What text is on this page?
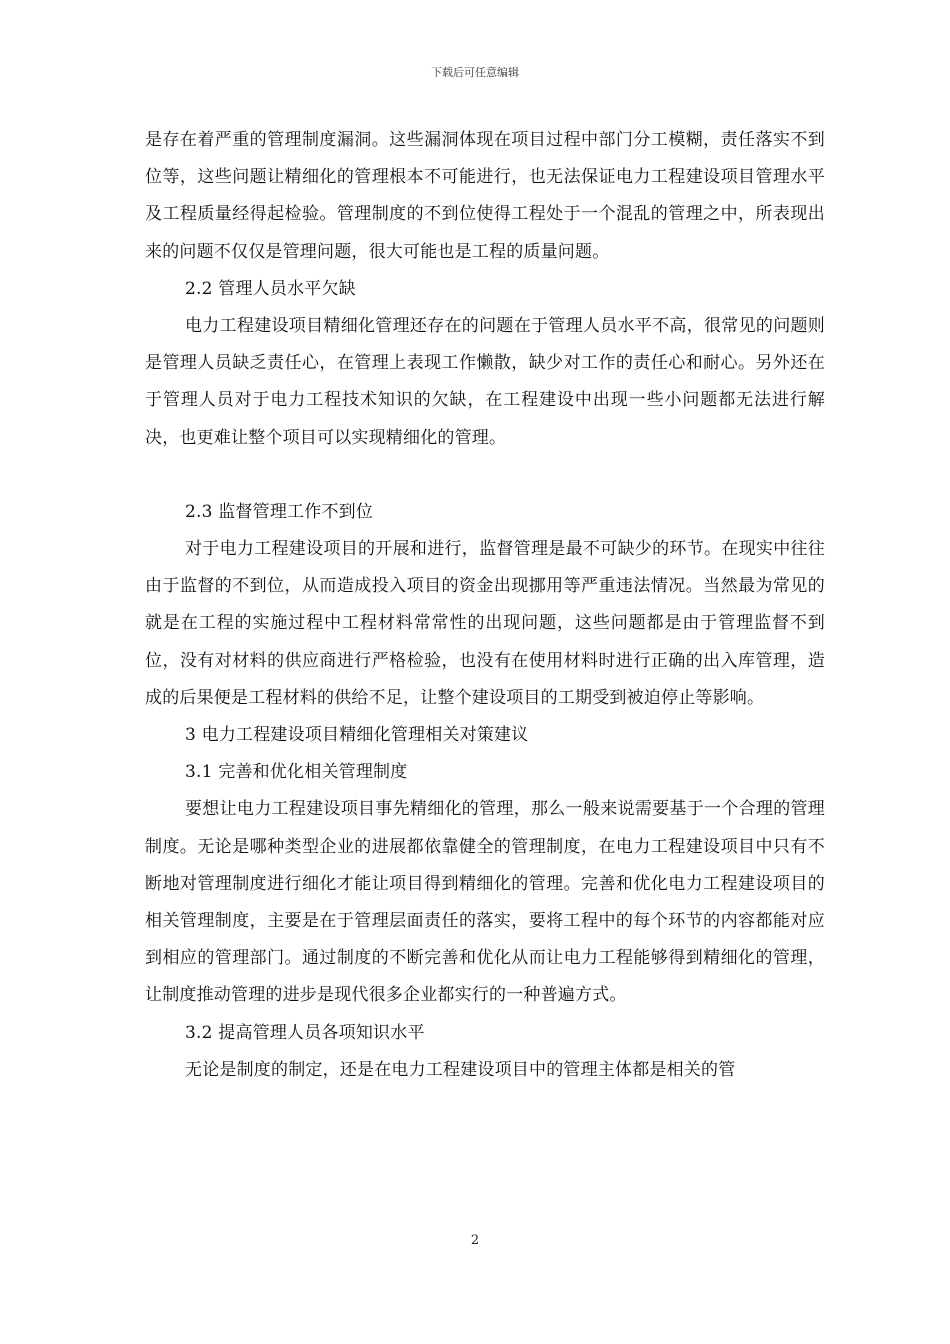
下载后可任意编辑

是存在着严重的管理制度漏洞。这些漏洞体现在项目过程中部门分工模糊，责任落实不到位等，这些问题让精细化的管理根本不可能进行，也无法保证电力工程建设项目管理水平及工程质量经得起检验。管理制度的不到位使得工程处于一个混乱的管理之中，所表现出来的问题不仅仅是管理问题，很大可能也是工程的质量问题。

2.2 管理人员水平欠缺

电力工程建设项目精细化管理还存在的问题在于管理人员水平不高，很常见的问题则是管理人员缺乏责任心，在管理上表现工作懒散，缺少对工作的责任心和耐心。另外还在于管理人员对于电力工程技术知识的欠缺，在工程建设中出现一些小问题都无法进行解决，也更难让整个项目可以实现精细化的管理。

2.3 监督管理工作不到位

对于电力工程建设项目的开展和进行，监督管理是最不可缺少的环节。在现实中往往由于监督的不到位，从而造成投入项目的资金出现挪用等严重违法情况。当然最为常见的就是在工程的实施过程中工程材料常常性的出现问题，这些问题都是由于管理监督不到位，没有对材料的供应商进行严格检验，也没有在使用材料时进行正确的出入库管理，造成的后果便是工程材料的供给不足，让整个建设项目的工期受到被迫停止等影响。

3 电力工程建设项目精细化管理相关对策建议

3.1 完善和优化相关管理制度

要想让电力工程建设项目事先精细化的管理，那么一般来说需要基于一个合理的管理制度。无论是哪种类型企业的进展都依靠健全的管理制度，在电力工程建设项目中只有不断地对管理制度进行细化才能让项目得到精细化的管理。完善和优化电力工程建设项目的相关管理制度，主要是在于管理层面责任的落实，要将工程中的每个环节的内容都能对应到相应的管理部门。通过制度的不断完善和优化从而让电力工程能够得到精细化的管理，让制度推动管理的进步是现代很多企业都实行的一种普遍方式。

3.2 提高管理人员各项知识水平

无论是制度的制定，还是在电力工程建设项目中的管理主体都是相关的管

2
